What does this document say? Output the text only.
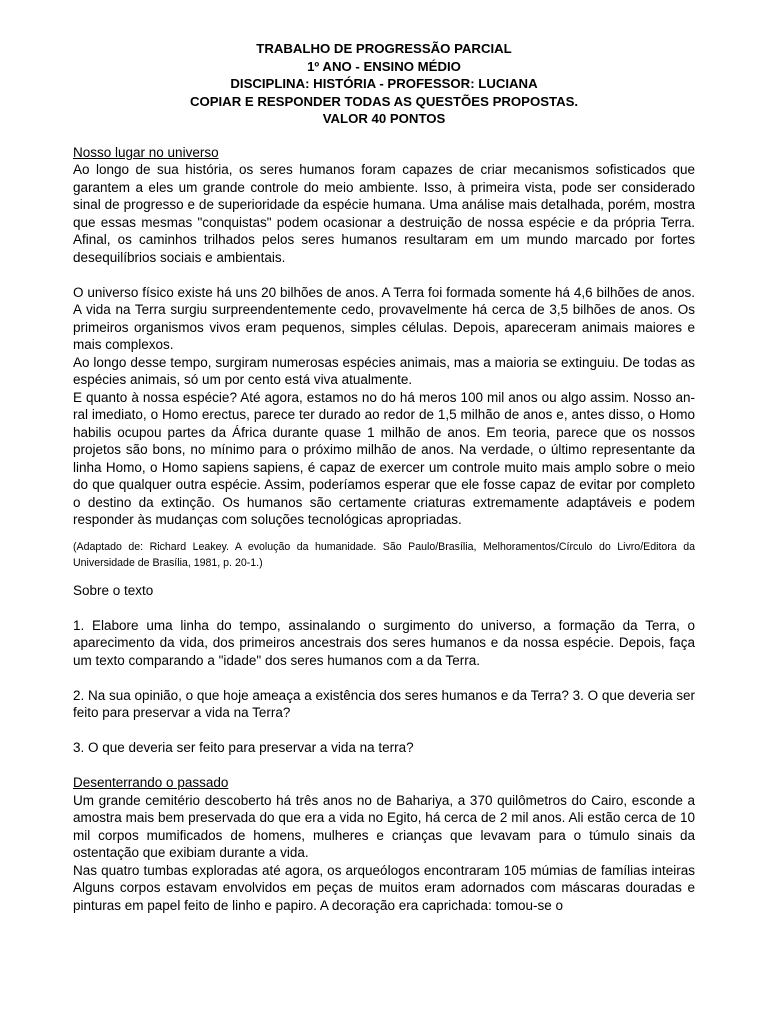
TRABALHO DE PROGRESSÃO PARCIAL
1º ANO - ENSINO MÉDIO
DISCIPLINA: HISTÓRIA - PROFESSOR: LUCIANA
COPIAR E RESPONDER TODAS AS QUESTÕES PROPOSTAS.
VALOR 40 PONTOS

Nosso lugar no universo

Ao longo de sua história, os seres humanos foram capazes de criar mecanismos sofisticados que garantem a eles um grande controle do meio ambiente. Isso, à primeira vista, pode ser considerado sinal de progresso e de superioridade da espécie humana. Uma análise mais detalhada, porém, mostra que essas mesmas "conquistas" podem ocasionar a destruição de nossa espécie e da própria Terra. Afinal, os caminhos trilhados pelos seres humanos resultaram em um mundo marcado por fortes desequilíbrios sociais e ambientais.

O universo físico existe há uns 20 bilhões de anos. A Terra foi formada somente há 4,6 bilhões de anos. A vida na Terra surgiu surpreendentemente cedo, provavelmente há cerca de 3,5 bilhões de anos. Os primeiros organismos vivos eram pequenos, simples células. Depois, apareceram animais maiores e mais complexos.

Ao longo desse tempo, surgiram numerosas espécies animais, mas a maioria se extinguiu. De todas as espécies animais, só um por cento está viva atualmente.

E quanto à nossa espécie? Até agora, estamos no do há meros 100 mil anos ou algo assim. Nosso an- ral imediato, o Homo erectus, parece ter durado ao redor de 1,5 milhão de anos e, antes disso, o Homo habilis ocupou partes da África durante quase 1 milhão de anos. Em teoria, parece que os nossos projetos são bons, no mínimo para o próximo milhão de anos. Na verdade, o último representante da linha Homo, o Homo sapiens sapiens, é capaz de exercer um controle muito mais amplo sobre o meio do que qualquer outra espécie. Assim, poderíamos esperar que ele fosse capaz de evitar por completo o destino da extinção. Os humanos são certamente criaturas extremamente adaptáveis e podem responder às mudanças com soluções tecnológicas apropriadas.

(Adaptado de: Richard Leakey. A evolução da humanidade. São Paulo/Brasília, Melhoramentos/Círculo do Livro/Editora da Universidade de Brasília, 1981, p. 20-1.)

Sobre o texto

1. Elabore uma linha do tempo, assinalando o surgimento do universo, a formação da Terra, o aparecimento da vida, dos primeiros ancestrais dos seres humanos e da nossa espécie. Depois, faça um texto comparando a "idade" dos seres humanos com a da Terra.

2. Na sua opinião, o que hoje ameaça a existência dos seres humanos e da Terra? 3. O que deveria ser feito para preservar a vida na Terra?

3. O que deveria ser feito para preservar a vida na terra?

Desenterrando o passado

Um grande cemitério descoberto há três anos no de Bahariya, a 370 quilômetros do Cairo, esconde a amostra mais bem preservada do que era a vida no Egito, há cerca de 2 mil anos. Ali estão cerca de 10 mil corpos mumificados de homens, mulheres e crianças que levavam para o túmulo sinais da ostentação que exibiam durante a vida.

Nas quatro tumbas exploradas até agora, os arqueólogos encontraram 105 múmias de famílias inteiras Alguns corpos estavam envolvidos em peças de muitos eram adornados com máscaras douradas e pinturas em papel feito de linho e papiro. A decoração era caprichada: tomou-se o
